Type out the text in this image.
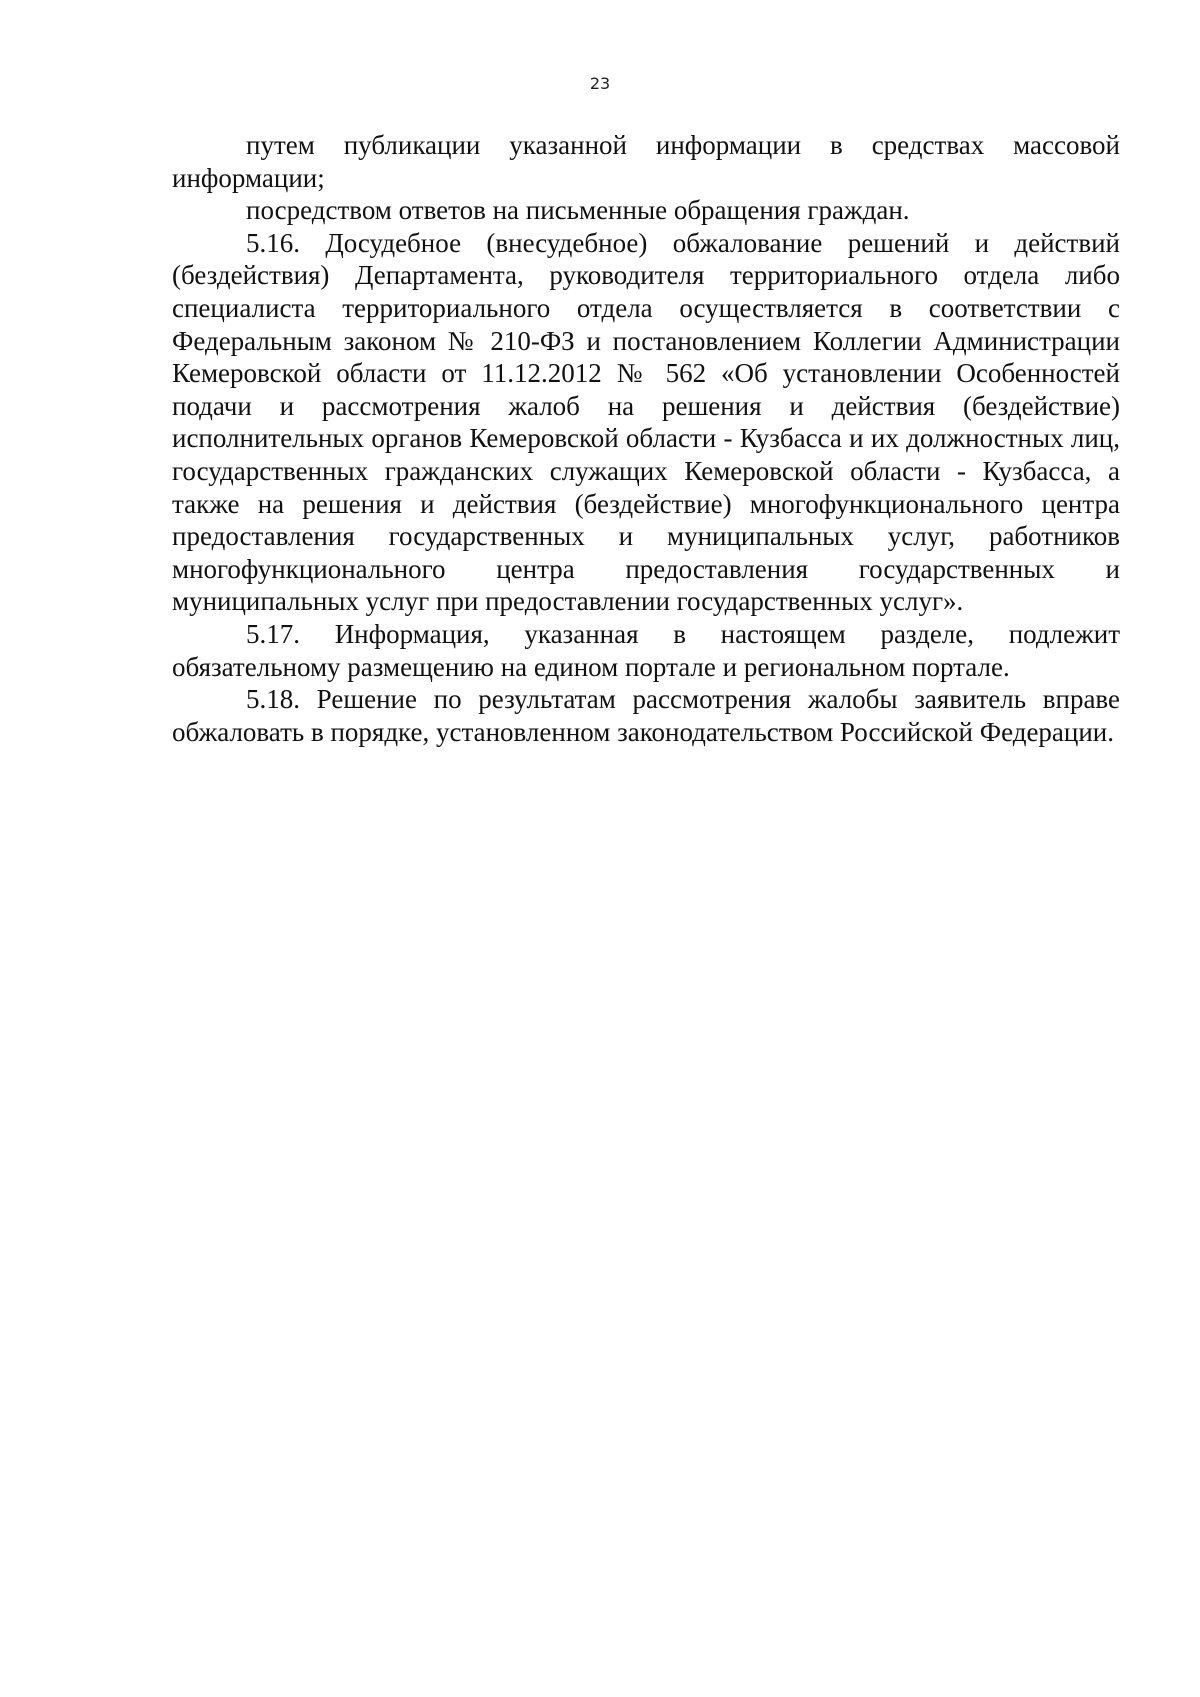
23

путем публикации указанной информации в средствах массовой информации;

посредством ответов на письменные обращения граждан.

5.16. Досудебное (внесудебное) обжалование решений и действий (бездействия) Департамента, руководителя территориального отдела либо специалиста территориального отдела осуществляется в соответствии с Федеральным законом № 210-ФЗ и постановлением Коллегии Администрации Кемеровской области от 11.12.2012 № 562 «Об установлении Особенностей подачи и рассмотрения жалоб на решения и действия (бездействие) исполнительных органов Кемеровской области - Кузбасса и их должностных лиц, государственных гражданских служащих Кемеровской области - Кузбасса, а также на решения и действия (бездействие) многофункционального центра предоставления государственных и муниципальных услуг, работников многофункционального центра предоставления государственных и муниципальных услуг при предоставлении государственных услуг».

5.17. Информация, указанная в настоящем разделе, подлежит обязательному размещению на едином портале и региональном портале.

5.18. Решение по результатам рассмотрения жалобы заявитель вправе обжаловать в порядке, установленном законодательством Российской Федерации.
